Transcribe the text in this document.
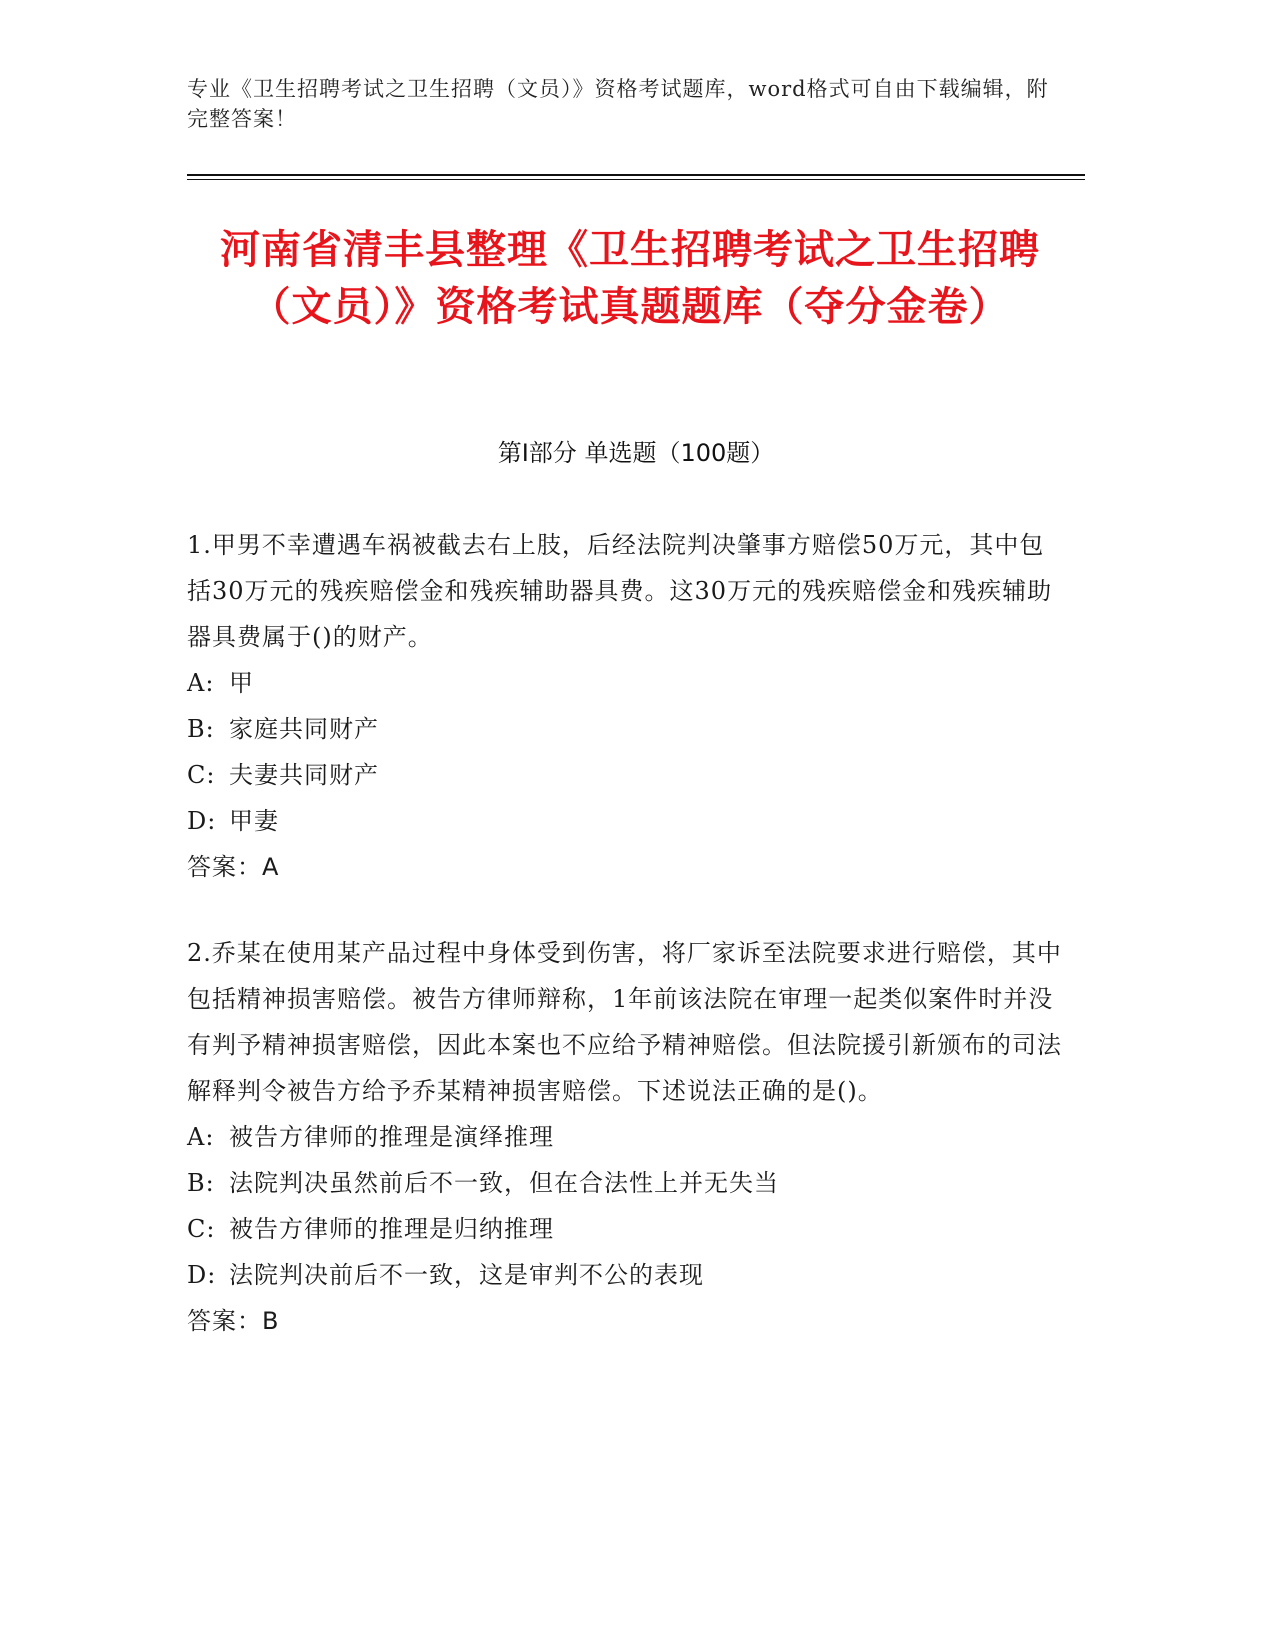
专业《卫生招聘考试之卫生招聘（文员）》资格考试题库，word格式可自由下载编辑，附完整答案！
河南省清丰县整理《卫生招聘考试之卫生招聘（文员）》资格考试真题题库（夺分金卷）
第Ⅰ部分 单选题（100题）

1.甲男不幸遭遇车祸被截去右上肢，后经法院判决肇事方赔偿50万元，其中包括30万元的残疾赔偿金和残疾辅助器具费。这30万元的残疾赔偿金和残疾辅助器具费属于()的财产。

A: 甲
B: 家庭共同财产
C: 夫妻共同财产
D: 甲妻

答案：A

2.乔某在使用某产品过程中身体受到伤害，将厂家诉至法院要求进行赔偿，其中包括精神损害赔偿。被告方律师辩称，1年前该法院在审理一起类似案件时并没有判予精神损害赔偿，因此本案也不应给予精神赔偿。但法院援引新颁布的司法解释判令被告方给予乔某精神损害赔偿。下述说法正确的是()。

A: 被告方律师的推理是演绎推理
B: 法院判决虽然前后不一致，但在合法性上并无失当
C: 被告方律师的推理是归纳推理
D: 法院判决前后不一致，这是审判不公的表现

答案：B
